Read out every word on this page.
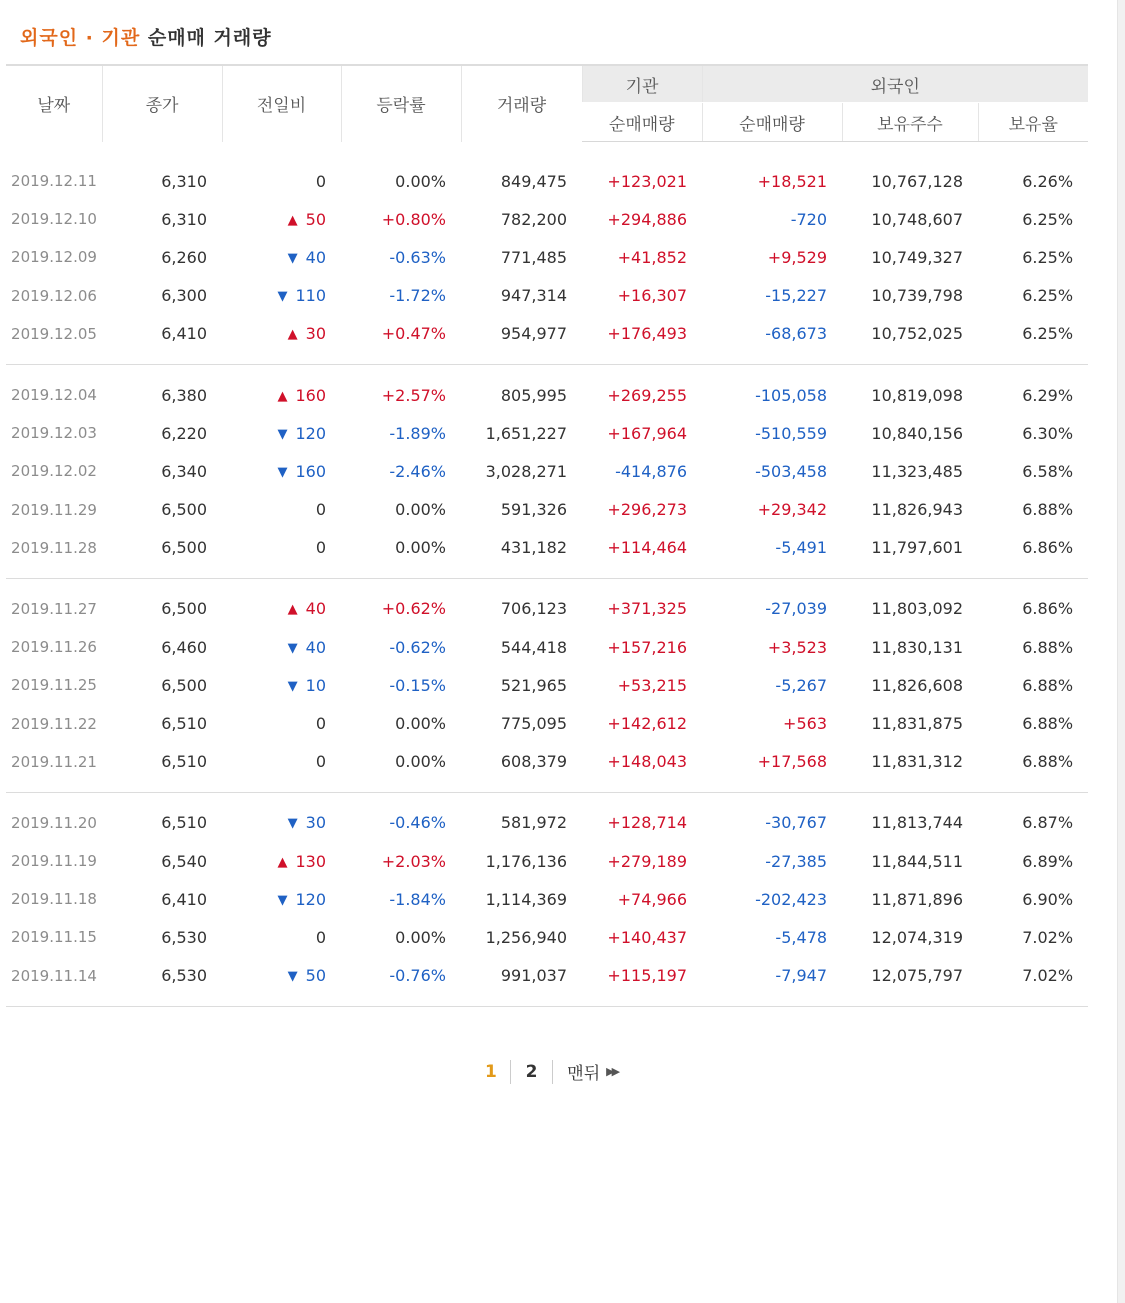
외국인 · 기관 순매매 거래량
날짜	종가	전일비	등락률	거래량	기관	외국인		
					순매매량	순매매량	보유주수	보유율

2019.12.11	6,310	0	0.00%	849,475	+123,021	+18,521	10,767,128	6.26%
2019.12.10	6,310	▲ 50	+0.80%	782,200	+294,886	-720	10,748,607	6.25%
2019.12.09	6,260	▼ 40	-0.63%	771,485	+41,852	+9,529	10,749,327	6.25%
2019.12.06	6,300	▼ 110	-1.72%	947,314	+16,307	-15,227	10,739,798	6.25%
2019.12.05	6,410	▲ 30	+0.47%	954,977	+176,493	-68,673	10,752,025	6.25%

2019.12.04	6,380	▲ 160	+2.57%	805,995	+269,255	-105,058	10,819,098	6.29%
2019.12.03	6,220	▼ 120	-1.89%	1,651,227	+167,964	-510,559	10,840,156	6.30%
2019.12.02	6,340	▼ 160	-2.46%	3,028,271	-414,876	-503,458	11,323,485	6.58%
2019.11.29	6,500	0	0.00%	591,326	+296,273	+29,342	11,826,943	6.88%
2019.11.28	6,500	0	0.00%	431,182	+114,464	-5,491	11,797,601	6.86%

2019.11.27	6,500	▲ 40	+0.62%	706,123	+371,325	-27,039	11,803,092	6.86%
2019.11.26	6,460	▼ 40	-0.62%	544,418	+157,216	+3,523	11,830,131	6.88%
2019.11.25	6,500	▼ 10	-0.15%	521,965	+53,215	-5,267	11,826,608	6.88%
2019.11.22	6,510	0	0.00%	775,095	+142,612	+563	11,831,875	6.88%
2019.11.21	6,510	0	0.00%	608,379	+148,043	+17,568	11,831,312	6.88%

2019.11.20	6,510	▼ 30	-0.46%	581,972	+128,714	-30,767	11,813,744	6.87%
2019.11.19	6,540	▲ 130	+2.03%	1,176,136	+279,189	-27,385	11,844,511	6.89%
2019.11.18	6,410	▼ 120	-1.84%	1,114,369	+74,966	-202,423	11,871,896	6.90%
2019.11.15	6,530	0	0.00%	1,256,940	+140,437	-5,478	12,074,319	7.02%
2019.11.14	6,530	▼ 50	-0.76%	991,037	+115,197	-7,947	12,075,797	7.02%

1 2 맨뒤 ▶▶
